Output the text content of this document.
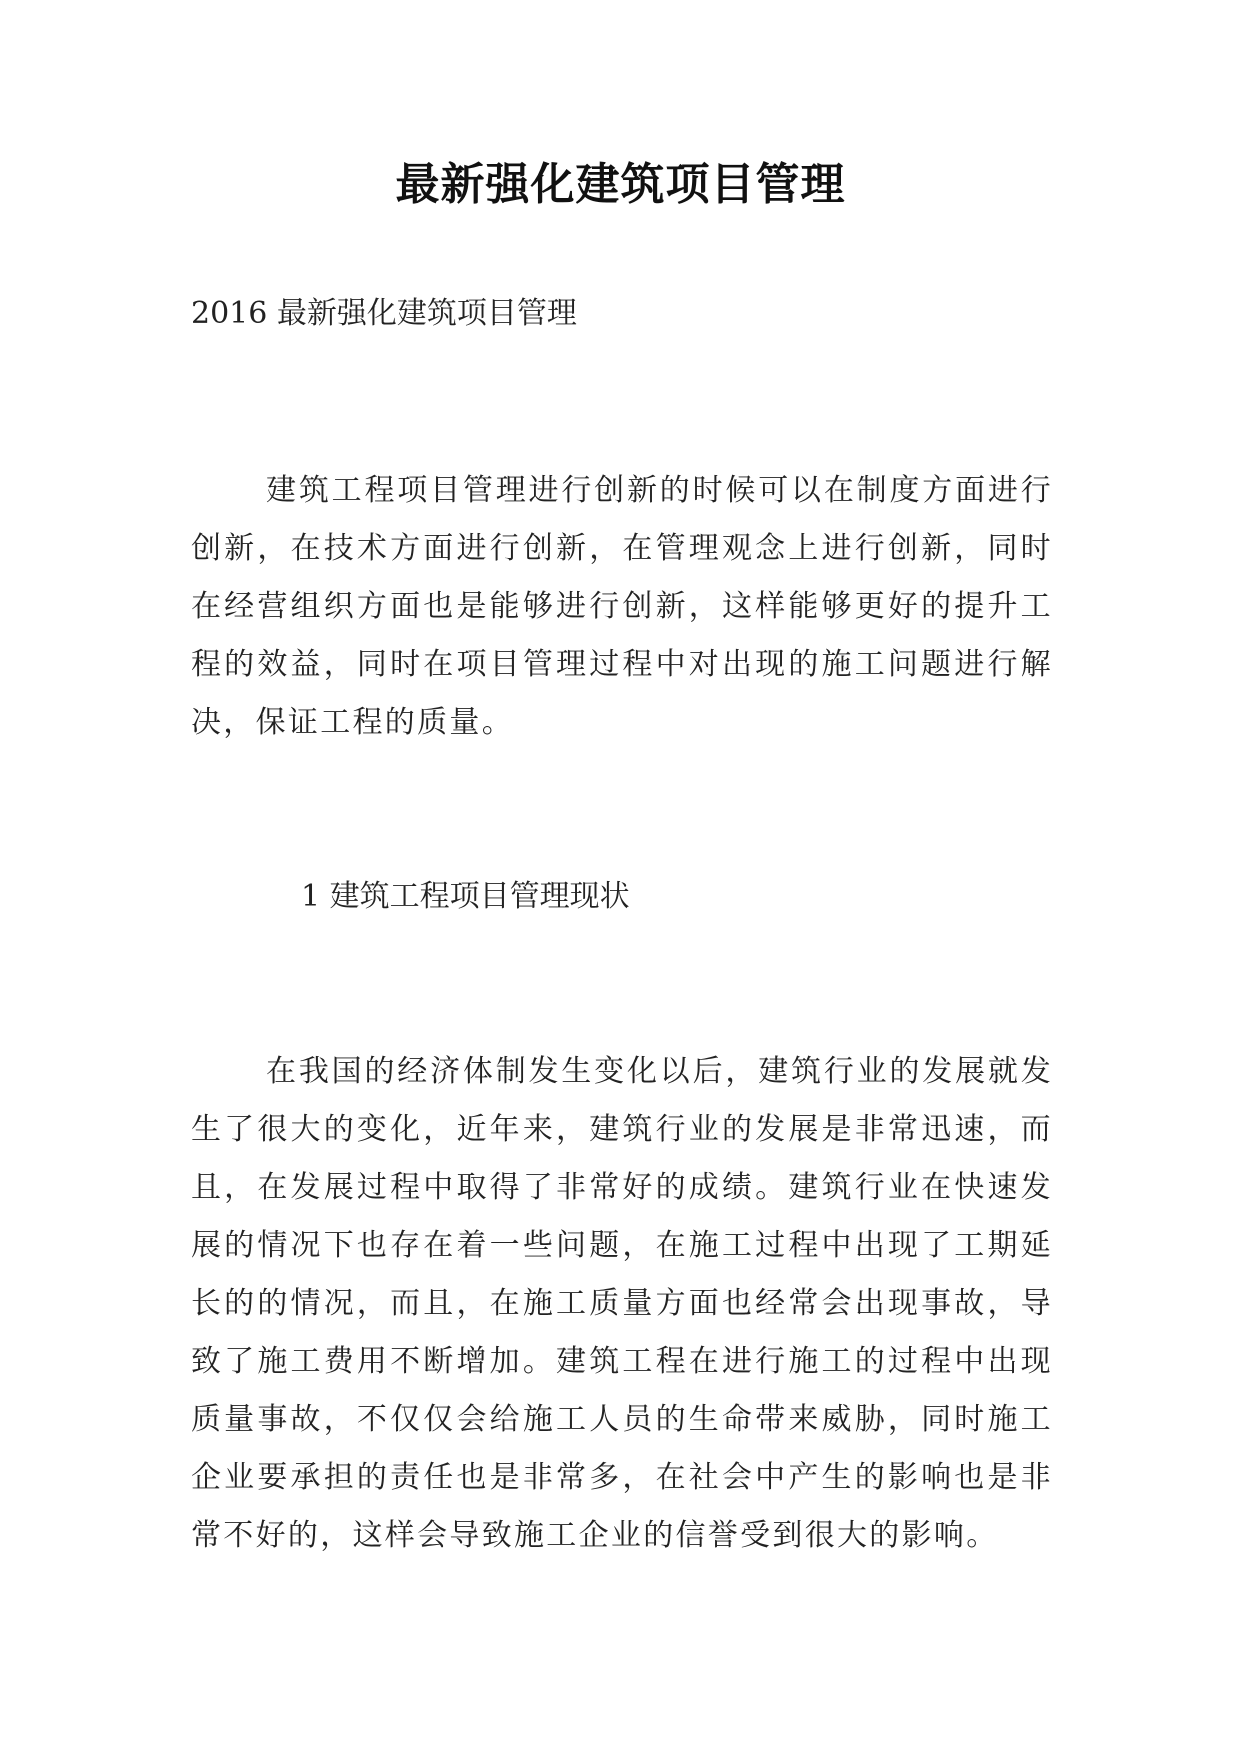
最新强化建筑项目管理
2016 最新强化建筑项目管理

建筑工程项目管理进行创新的时候可以在制度方面进行创新，在技术方面进行创新，在管理观念上进行创新，同时在经营组织方面也是能够进行创新，这样能够更好的提升工程的效益，同时在项目管理过程中对出现的施工问题进行解决，保证工程的质量。

1 建筑工程项目管理现状

在我国的经济体制发生变化以后，建筑行业的发展就发生了很大的变化，近年来，建筑行业的发展是非常迅速，而且，在发展过程中取得了非常好的成绩。建筑行业在快速发展的情况下也存在着一些问题，在施工过程中出现了工期延长的的情况，而且，在施工质量方面也经常会出现事故，导致了施工费用不断增加。建筑工程在进行施工的过程中出现质量事故，不仅仅会给施工人员的生命带来威胁，同时施工企业要承担的责任也是非常多，在社会中产生的影响也是非常不好的，这样会导致施工企业的信誉受到很大的影响。
